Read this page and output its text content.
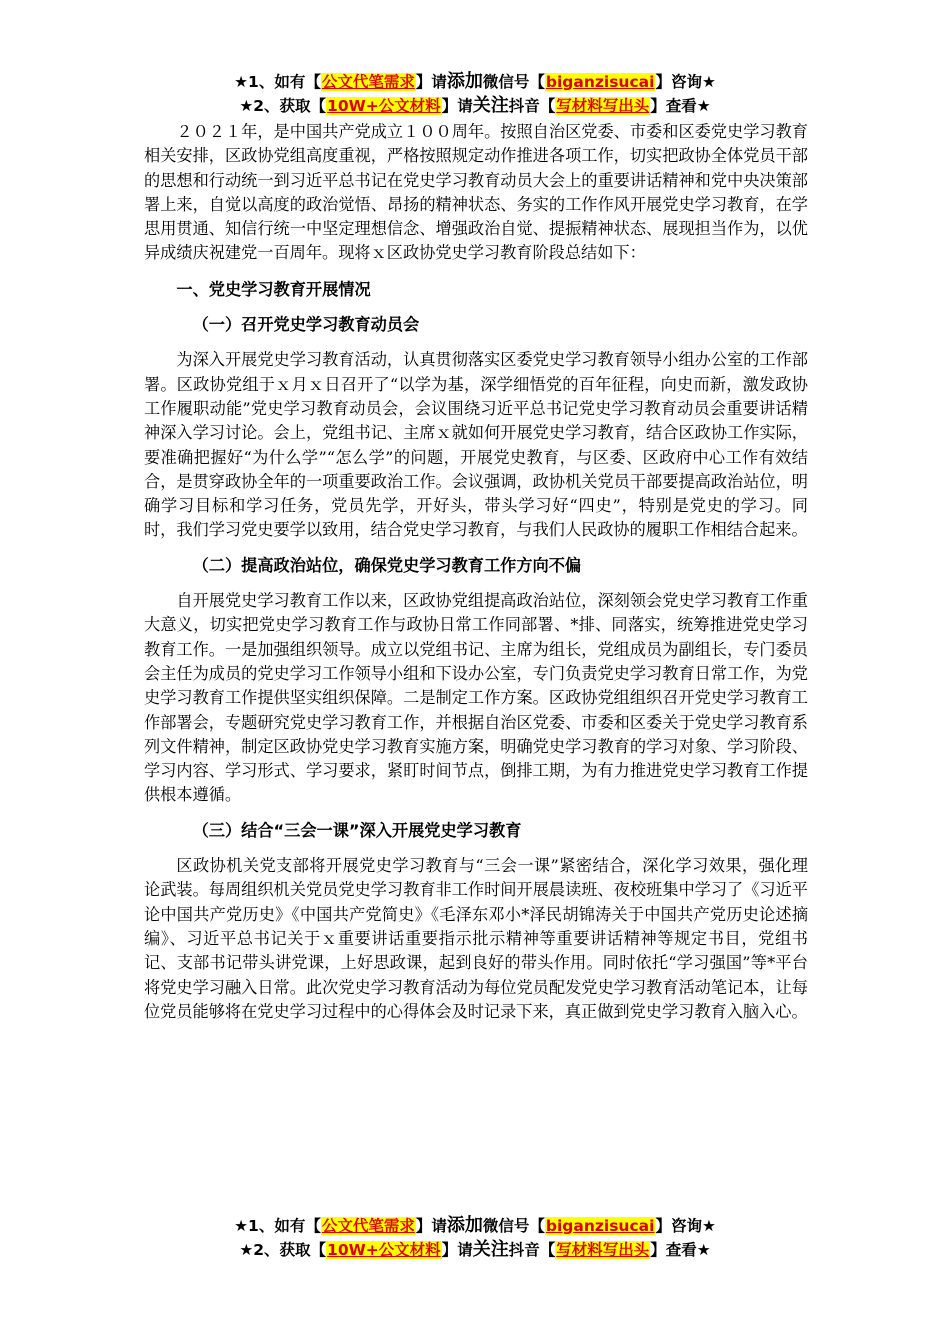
★1、如有【公文代笔需求】请添加微信号【biganzisucai】咨询★
★2、获取【10W+公文材料】请关注抖音【写材料写出头】查看★

２０２１年，是中国共产党成立１００周年。按照自治区党委、市委和区委党史学习教育相关安排，区政协党组高度重视，严格按照规定动作推进各项工作，切实把政协全体党员干部的思想和行动统一到习近平总书记在党史学习教育动员大会上的重要讲话精神和党中央决策部署上来，自觉以高度的政治觉悟、昂扬的精神状态、务实的工作作风开展党史学习教育，在学思用贯通、知信行统一中坚定理想信念、增强政治自觉、提振精神状态、展现担当作为，以优异成绩庆祝建党一百周年。现将ｘ区政协党史学习教育阶段总结如下：

一、党史学习教育开展情况
（一）召开党史学习教育动员会

为深入开展党史学习教育活动，认真贯彻落实区委党史学习教育领导小组办公室的工作部署。区政协党组于ｘ月ｘ日召开了“以学为基，深学细悟党的百年征程，向史而新，激发政协工作履职动能”党史学习教育动员会，会议围绕习近平总书记党史学习教育动员会重要讲话精神深入学习讨论。会上，党组书记、主席ｘ就如何开展党史学习教育，结合区政协工作实际，要准确把握好“为什么学”“怎么学”的问题，开展党史教育，与区委、区政府中心工作有效结合，是贯穿政协全年的一项重要政治工作。会议强调，政协机关党员干部要提高政治站位，明确学习目标和学习任务，党员先学，开好头，带头学习好“四史”，特别是党史的学习。同时，我们学习党史要学以致用，结合党史学习教育，与我们人民政协的履职工作相结合起来。

（二）提高政治站位，确保党史学习教育工作方向不偏

自开展党史学习教育工作以来，区政协党组提高政治站位，深刻领会党史学习教育工作重大意义，切实把党史学习教育工作与政协日常工作同部署、*排、同落实，统筹推进党史学习教育工作。一是加强组织领导。成立以党组书记、主席为组长，党组成员为副组长，专门委员会主任为成员的党史学习工作领导小组和下设办公室，专门负责党史学习教育日常工作，为党史学习教育工作提供坚实组织保障。二是制定工作方案。区政协党组组织召开党史学习教育工作部署会，专题研究党史学习教育工作，并根据自治区党委、市委和区委关于党史学习教育系列文件精神，制定区政协党史学习教育实施方案，明确党史学习教育的学习对象、学习阶段、学习内容、学习形式、学习要求，紧盯时间节点，倒排工期，为有力推进党史学习教育工作提供根本遵循。

（三）结合“三会一课”深入开展党史学习教育

区政协机关党支部将开展党史学习教育与“三会一课”紧密结合，深化学习效果，强化理论武装。每周组织机关党员党史学习教育非工作时间开展晨读班、夜校班集中学习了《习近平论中国共产党历史》《中国共产党简史》《毛泽东邓小*泽民胡锦涛关于中国共产党历史论述摘编》、习近平总书记关于ｘ重要讲话重要指示批示精神等重要讲话精神等规定书目，党组书记、支部书记带头讲党课，上好思政课，起到良好的带头作用。同时依托“学习强国”等*平台将党史学习融入日常。此次党史学习教育活动为每位党员配发党史学习教育活动笔记本，让每位党员能够将在党史学习过程中的心得体会及时记录下来，真正做到党史学习教育入脑入心。

★1、如有【公文代笔需求】请添加微信号【biganzisucai】咨询★
★2、获取【10W+公文材料】请关注抖音【写材料写出头】查看★
